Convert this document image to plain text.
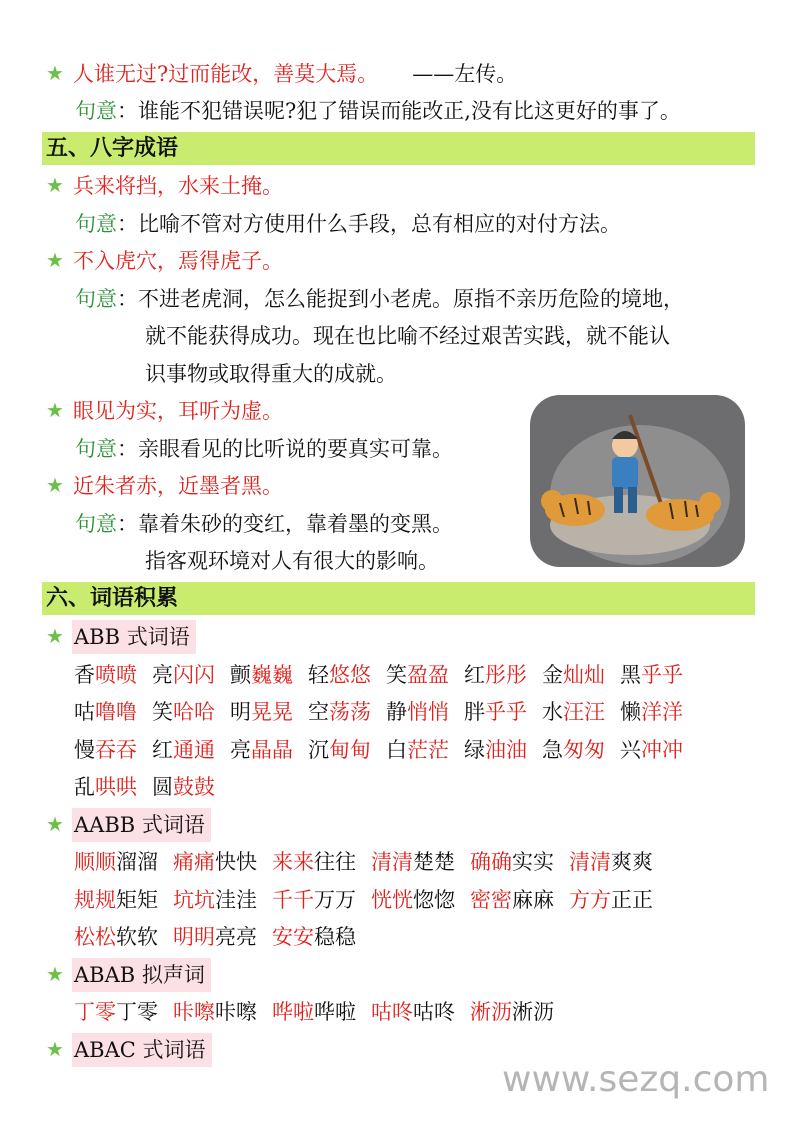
★ 人谁无过?过而能改，善莫大焉。 ——左传。
句意：谁能不犯错误呢?犯了错误而能改正,没有比这更好的事了。
五、八字成语
★ 兵来将挡，水来土掩。
句意：比喻不管对方使用什么手段，总有相应的对付方法。
★ 不入虎穴，焉得虎子。
句意：不进老虎洞，怎么能捉到小老虎。原指不亲历危险的境地，
就不能获得成功。现在也比喻不经过艰苦实践，就不能认
识事物或取得重大的成就。
★ 眼见为实，耳听为虚。
句意：亲眼看见的比听说的要真实可靠。
★ 近朱者赤，近墨者黑。
句意：靠着朱砂的变红，靠着墨的变黑。
指客观环境对人有很大的影响。
六、词语积累
★ ABB 式词语
香喷喷 亮闪闪 颤巍巍 轻悠悠 笑盈盈 红彤彤 金灿灿 黑乎乎
咕噜噜 笑哈哈 明晃晃 空荡荡 静悄悄 胖乎乎 水汪汪 懒洋洋
慢吞吞 红通通 亮晶晶 沉甸甸 白茫茫 绿油油 急匆匆 兴冲冲
乱哄哄 圆鼓鼓
★ AABB 式词语
顺顺溜溜 痛痛快快 来来往往 清清楚楚 确确实实 清清爽爽
规规矩矩 坑坑洼洼 千千万万 恍恍惚惚 密密麻麻 方方正正
松松软软 明明亮亮 安安稳稳
★ ABAB 拟声词
丁零丁零 咔嚓咔嚓 哗啦哗啦 咕咚咕咚 淅沥淅沥
★ ABAC 式词语
www.sezq.com
